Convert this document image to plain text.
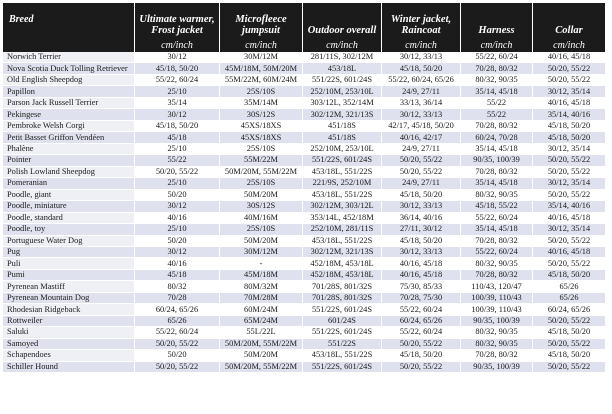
Breed	Ultimate warmer, Frost jacket	Microfleece jumpsuit	Outdoor overall	Winter jacket, Raincoat	Harness	Collar
	cm/inch	cm/inch	cm/inch	cm/inch	cm/inch	cm/inch
Norwich Terrier	30/12	30M/12M	281/11S, 302/12M	30/12, 33/13	55/22, 60/24	40/16, 45/18
Nova Scotia Duck Tolling Retriever	45/18, 50/20	45M/18M, 50M/20M	453/18L	45/18, 50/20	70/28, 80/32	50/20, 55/22
Old English Sheepdog	55/22, 60/24	55M/22M, 60M/24M	551/22S, 601/24S	55/22, 60/24, 65/26	80/32, 90/35	50/20, 55/22
Papillon	25/10	25S/10S	252/10M, 253/10L	24/9, 27/11	35/14, 45/18	30/12, 35/14
Parson Jack Russell Terrier	35/14	35M/14M	303/12L, 352/14M	33/13, 36/14	55/22	40/16, 45/18
Pekingese	30/12	30S/12S	302/12M, 321/13S	30/12, 33/13	55/22	35/14, 40/16
Pembroke Welsh Corgi	45/18, 50/20	45XS/18XS	451/18S	42/17, 45/18, 50/20	70/28, 80/32	45/18, 50/20
Petit Basset Griffon Vendéen	45/18	45XS/18XS	451/18S	40/16, 42/17	60/24, 70/28	45/18, 50/20
Phalène	25/10	25S/10S	252/10M, 253/10L	24/9, 27/11	35/14, 45/18	30/12, 35/14
Pointer	55/22	55M/22M	551/22S, 601/24S	50/20, 55/22	90/35, 100/39	50/20, 55/22
Polish Lowland Sheepdog	50/20, 55/22	50M/20M, 55M/22M	453/18L, 551/22S	50/20, 55/22	70/28, 80/32	50/20, 55/22
Pomeranian	25/10	25S/10S	221/9S, 252/10M	24/9, 27/11	35/14, 45/18	30/12, 35/14
Poodle, giant	50/20	50M/20M	453/18L, 551/22S	45/18, 50/20	80/32, 90/35	50/20, 55/22
Poodle, miniature	30/12	30S/12S	302/12M, 303/12L	30/12, 33/13	45/18, 55/22	35/14, 40/16
Poodle, standard	40/16	40M/16M	353/14L, 452/18M	36/14, 40/16	55/22, 60/24	40/16, 45/18
Poodle, toy	25/10	25S/10S	252/10M, 281/11S	27/11, 30/12	35/14, 45/18	30/12, 35/14
Portuguese Water Dog	50/20	50M/20M	453/18L, 551/22S	45/18, 50/20	70/28, 80/32	50/20, 55/22
Pug	30/12	30M/12M	302/12M, 321/13S	30/12, 33/13	55/22, 60/24	40/16, 45/18
Puli	40/16	-	452/18M, 453/18L	40/16, 45/18	80/32, 90/35	50/20, 55/22
Pumi	45/18	45M/18M	452/18M, 453/18L	40/16, 45/18	70/28, 80/32	45/18, 50/20
Pyrenean Mastiff	80/32	80M/32M	701/28S, 801/32S	75/30, 85/33	110/43, 120/47	65/26
Pyrenean Mountain Dog	70/28	70M/28M	701/28S, 801/32S	70/28, 75/30	100/39, 110/43	65/26
Rhodesian Ridgeback	60/24, 65/26	60M/24M	551/22S, 601/24S	55/22, 60/24	100/39, 110/43	60/24, 65/26
Rottweiler	65/26	65M/24M	601/24S	60/24, 65/26	90/35, 100/39	50/20, 55/22
Saluki	55/22, 60/24	55L/22L	551/22S, 601/24S	55/22, 60/24	80/32, 90/35	45/18, 50/20
Samoyed	50/20, 55/22	50M/20M, 55M/22M	551/22S	50/20, 55/22	80/32, 90/35	50/20, 55/22
Schapendoes	50/20	50M/20M	453/18L, 551/22S	45/18, 50/20	70/28, 80/32	45/18, 50/20
Schiller Hound	50/20, 55/22	50M/20M, 55M/22M	551/22S, 601/24S	50/20, 55/22	90/35, 100/39	50/20, 55/22
